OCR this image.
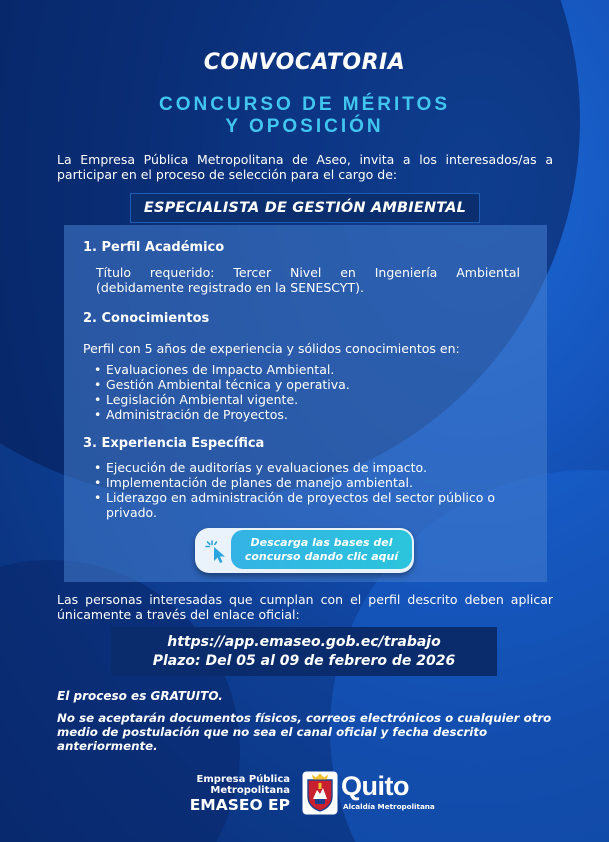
CONVOCATORIA
CONCURSO DE MÉRITOS
Y OPOSICIÓN

La Empresa Pública Metropolitana de Aseo, invita a los interesados/as a participar en el proceso de selección para el cargo de:

ESPECIALISTA DE GESTIÓN AMBIENTAL
1. Perfil Académico

Título requerido: Tercer Nivel en Ingeniería Ambiental (debidamente registrado en la SENESCYT).

2. Conocimientos

Perfil con 5 años de experiencia y sólidos conocimientos en:

• Evaluaciones de Impacto Ambiental.
• Gestión Ambiental técnica y operativa.
• Legislación Ambiental vigente.
• Administración de Proyectos.
3. Experiencia Específica
• Ejecución de auditorías y evaluaciones de impacto.
• Implementación de planes de manejo ambiental.
• Liderazgo en administración de proyectos del sector público o privado.
Descarga las bases del concurso dando clic aquí

Las personas interesadas que cumplan con el perfil descrito deben aplicar únicamente a través del enlace oficial:

https://app.emaseo.gob.ec/trabajo
Plazo: Del 05 al 09 de febrero de 2026
El proceso es GRATUITO.

No se aceptarán documentos físicos, correos electrónicos o cualquier otro medio de postulación que no sea el canal oficial y fecha descrito anteriormente.

Empresa Pública
Metropolitana
EMASEO EP
Quito
Alcaldía Metropolitana
